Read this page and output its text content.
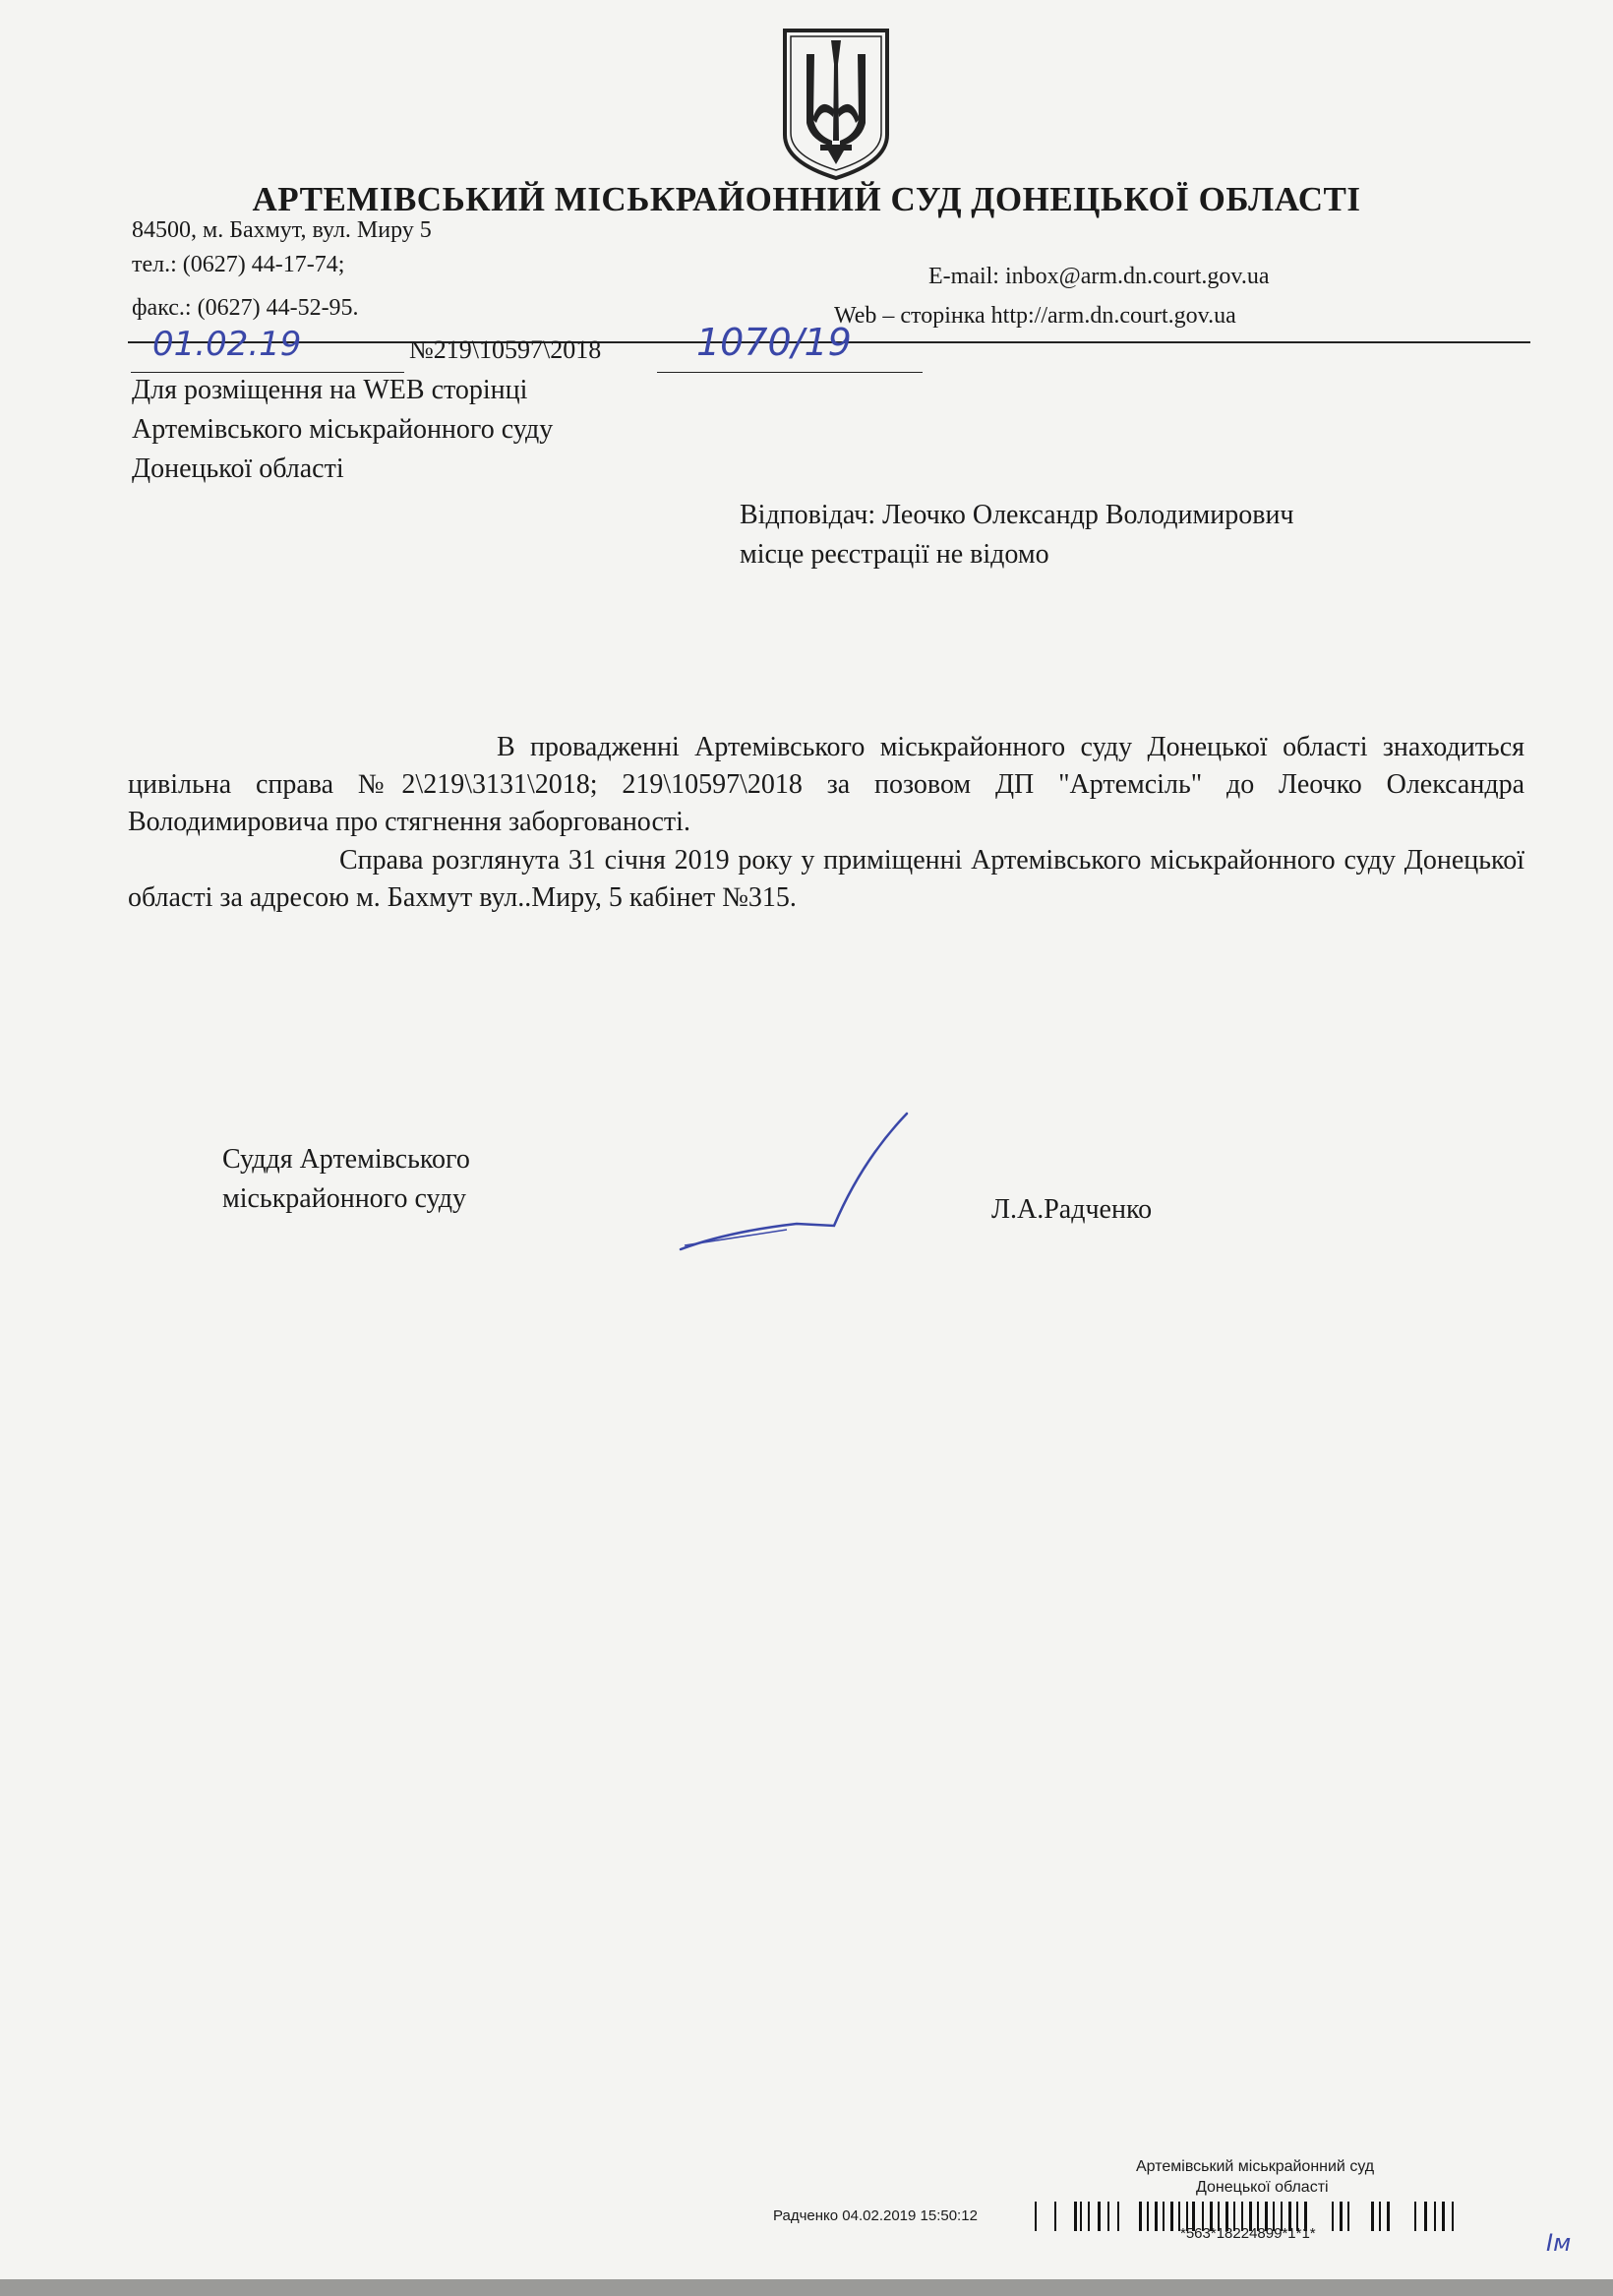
АРТЕМІВСЬКИЙ МІСЬКРАЙОННИЙ СУД ДОНЕЦЬКОЇ ОБЛАСТІ
84500, м. Бахмут, вул. Миру 5
тел.: (0627) 44-17-74;
факс.: (0627) 44-52-95.
E-mail: inbox@arm.dn.court.gov.ua
Web – сторінка http://arm.dn.court.gov.ua
01.02.19	№219\10597\2018	1070/19
Для розміщення на WEB сторінці
Артемівського міськрайонного суду
Донецької області
Відповідач: Леочко Олександр Володимирович
місце реєстрації не відомо
В провадженні Артемівського міськрайонного суду Донецької області знаходиться цивільна справа №2\219\3131\2018; 219\10597\2018 за позовом ДП "Артемсіль" до Леочко Олександра Володимировича про стягнення заборгованості.
Справа розглянута 31 січня 2019 року у приміщенні Артемівського міськрайонного суду Донецької області за адресою м. Бахмут вул..Миру, 5 кабінет №315.
Суддя Артемівського
міськрайонного суду	Л.А.Радченко
Артемівський міськрайонний суд
Донецької області
Радченко 04.02.2019 15:50:12
*563*18224899*1*1*	Ім
